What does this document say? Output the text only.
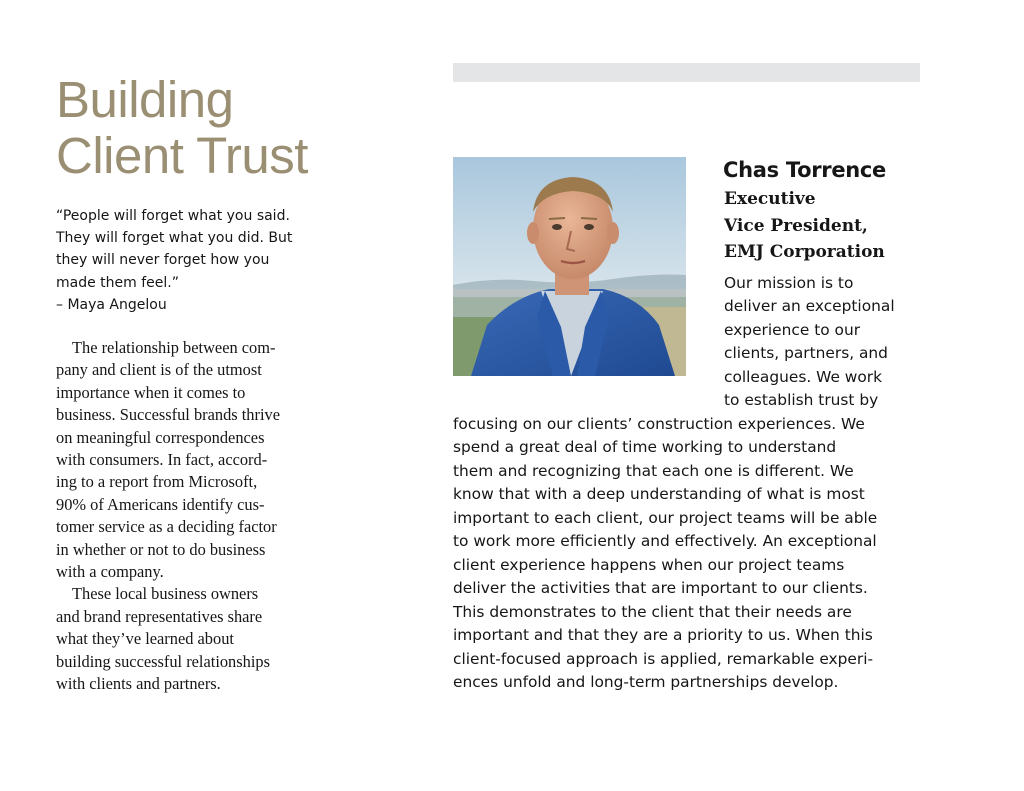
Building
Client Trust
“People will forget what you said.
They will forget what you did. But
they will never forget how you
made them feel.”
– Maya Angelou
The relationship between com-
pany and client is of the utmost
importance when it comes to
business. Successful brands thrive
on meaningful correspondences
with consumers. In fact, accord-
ing to a report from Microsoft,
90% of Americans identify cus-
tomer service as a deciding factor
in whether or not to do business
with a company.
These local business owners
and brand representatives share
what they’ve learned about
building successful relationships
with clients and partners.
Chas Torrence
Executive
Vice President,
EMJ Corporation
Our mission is to
deliver an exceptional
experience to our
clients, partners, and
colleagues. We work
to establish trust by
focusing on our clients’ construction experiences. We
spend a great deal of time working to understand
them and recognizing that each one is different. We
know that with a deep understanding of what is most
important to each client, our project teams will be able
to work more efficiently and effectively. An exceptional
client experience happens when our project teams
deliver the activities that are important to our clients.
This demonstrates to the client that their needs are
important and that they are a priority to us. When this
client-focused approach is applied, remarkable experi-
ences unfold and long-term partnerships develop.
